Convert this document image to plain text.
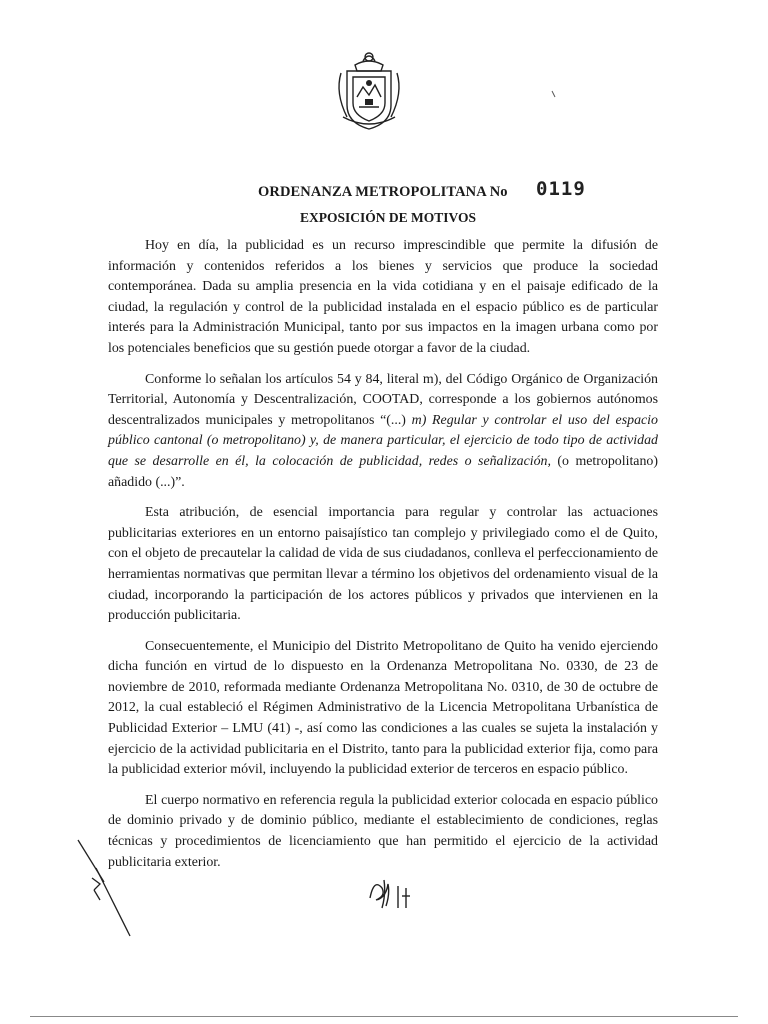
ORDENANZA METROPOLITANA No 0119
EXPOSICIÓN DE MOTIVOS

Hoy en día, la publicidad es un recurso imprescindible que permite la difusión de información y contenidos referidos a los bienes y servicios que produce la sociedad contemporánea. Dada su amplia presencia en la vida cotidiana y en el paisaje edificado de la ciudad, la regulación y control de la publicidad instalada en el espacio público es de particular interés para la Administración Municipal, tanto por sus impactos en la imagen urbana como por los potenciales beneficios que su gestión puede otorgar a favor de la ciudad.

Conforme lo señalan los artículos 54 y 84, literal m), del Código Orgánico de Organización Territorial, Autonomía y Descentralización, COOTAD, corresponde a los gobiernos autónomos descentralizados municipales y metropolitanos “(...) m) Regular y controlar el uso del espacio público cantonal (o metropolitano) y, de manera particular, el ejercicio de todo tipo de actividad que se desarrolle en él, la colocación de publicidad, redes o señalización, (o metropolitano) añadido (...)”.

Esta atribución, de esencial importancia para regular y controlar las actuaciones publicitarias exteriores en un entorno paisajístico tan complejo y privilegiado como el de Quito, con el objeto de precautelar la calidad de vida de sus ciudadanos, conlleva el perfeccionamiento de herramientas normativas que permitan llevar a término los objetivos del ordenamiento visual de la ciudad, incorporando la participación de los actores públicos y privados que intervienen en la producción publicitaria.

Consecuentemente, el Municipio del Distrito Metropolitano de Quito ha venido ejerciendo dicha función en virtud de lo dispuesto en la Ordenanza Metropolitana No. 0330, de 23 de noviembre de 2010, reformada mediante Ordenanza Metropolitana No. 0310, de 30 de octubre de 2012, la cual estableció el Régimen Administrativo de la Licencia Metropolitana Urbanística de Publicidad Exterior – LMU (41) -, así como las condiciones a las cuales se sujeta la instalación y ejercicio de la actividad publicitaria en el Distrito, tanto para la publicidad exterior fija, como para la publicidad exterior móvil, incluyendo la publicidad exterior de terceros en espacio público.

El cuerpo normativo en referencia regula la publicidad exterior colocada en espacio público de dominio privado y de dominio público, mediante el establecimiento de condiciones, reglas técnicas y procedimientos de licenciamiento que han permitido el ejercicio de la actividad publicitaria exterior.
